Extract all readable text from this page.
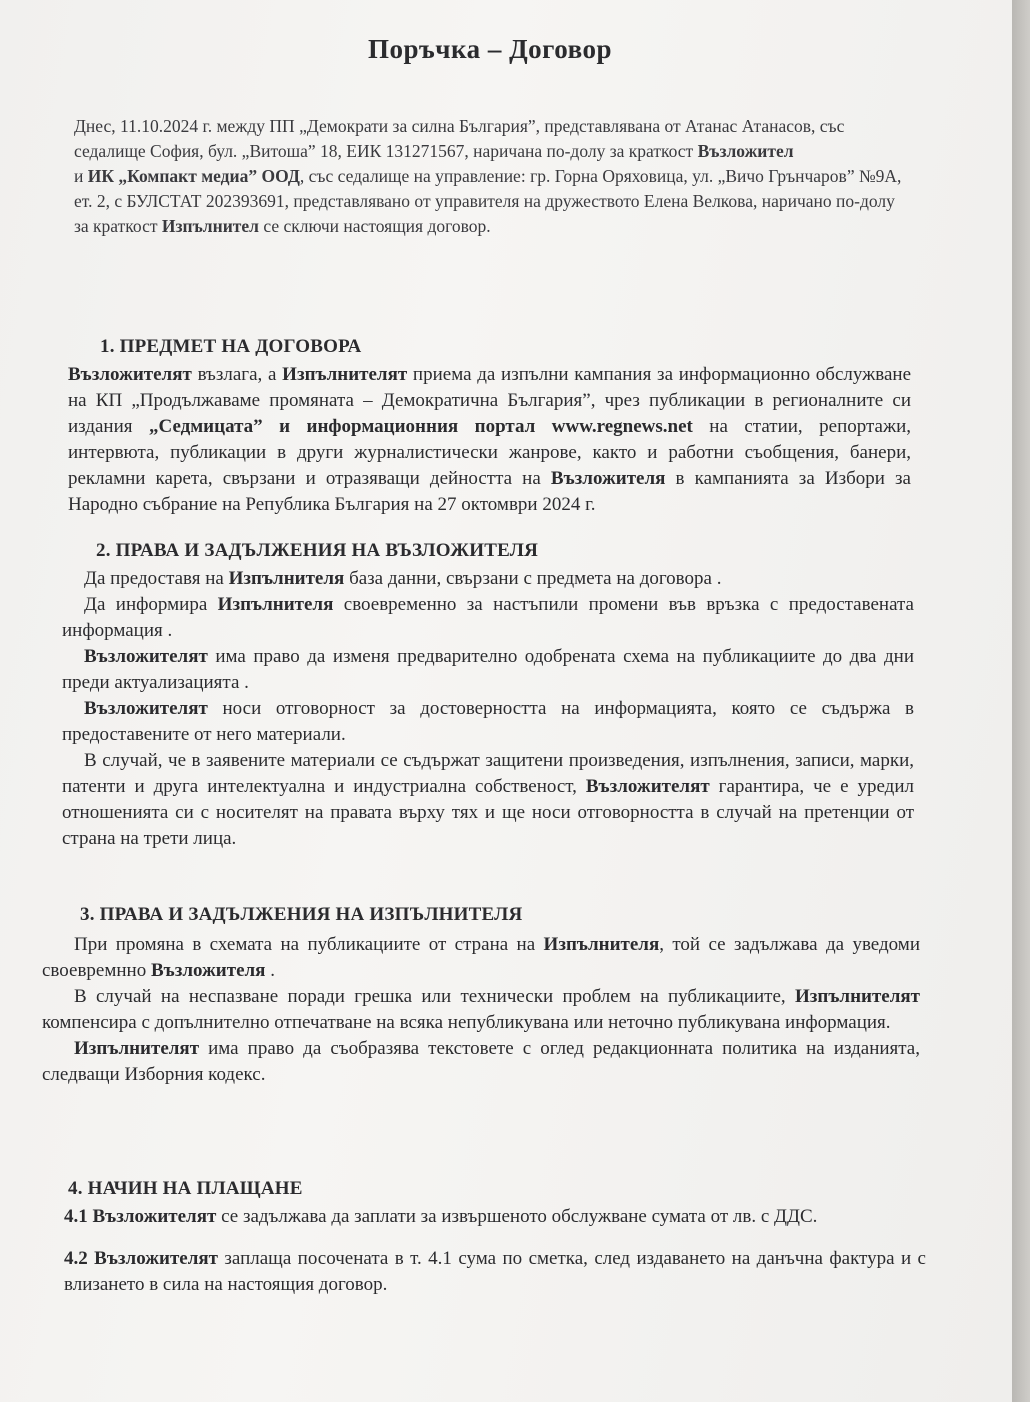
Поръчка – Договор

Днес, 11.10.2024 г. между ПП „Демократи за силна България”, представлявана от Атанас Атанасов, със седалище София, бул. „Витоша” 18, ЕИК 131271567, наричана по-долу за краткост Възложител

и ИК „Компакт медиа” ООД, със седалище на управление: гр. Горна Оряховица, ул. „Вичо Грънчаров” №9А, ет. 2, с БУЛСТАТ 202393691, представлявано от управителя на дружеството Елена Велкова, наричано по-долу за краткост Изпълнител се сключи настоящия договор.

1. ПРЕДМЕТ НА ДОГОВОРА

Възложителят възлага, а Изпълнителят приема да изпълни кампания за информационно обслужване на КП „Продължаваме промяната – Демократична България”, чрез публикации в регионалните си издания „Седмицата” и информационния портал www.regnews.net на статии, репортажи, интервюта, публикации в други журналистически жанрове, както и работни съобщения, банери, рекламни карета, свързани и отразяващи дейността на Възложителя в кампанията за Избори за Народно събрание на Република България на 27 октомври 2024 г.

2. ПРАВА И ЗАДЪЛЖЕНИЯ НА ВЪЗЛОЖИТЕЛЯ

Да предоставя на Изпълнителя база данни, свързани с предмета на договора .

Да информира Изпълнителя своевременно за настъпили промени във връзка с предоставената информация .

Възложителят има право да изменя предварително одобрената схема на публикациите до два дни преди актуализацията .

Възложителят носи отговорност за достоверността на информацията, която се съдържа в предоставените от него материали.

В случай, че в заявените материали се съдържат защитени произведения, изпълнения, записи, марки, патенти и друга интелектуална и индустриална собственост, Възложителят гарантира, че е уредил отношенията си с носителят на правата върху тях и ще носи отговорността в случай на претенции от страна на трети лица.

3. ПРАВА И ЗАДЪЛЖЕНИЯ НА ИЗПЪЛНИТЕЛЯ

При промяна в схемата на публикациите от страна на Изпълнителя, той се задължава да уведоми своевремнно Възложителя .

В случай на неспазване поради грешка или технически проблем на публикациите, Изпълнителят компенсира с допълнително отпечатване на всяка непубликувана или неточно публикувана информация.

Изпълнителят има право да съобразява текстовете с оглед редакционната политика на изданията, следващи Изборния кодекс.

4. НАЧИН НА ПЛАЩАНЕ

4.1 Възложителят се задължава да заплати за извършеното обслужване сумата от лв. с ДДС.

4.2 Възложителят заплаща посочената в т. 4.1 сума по сметка, след издаването на данъчна фактура и с влизането в сила на настоящия договор.
